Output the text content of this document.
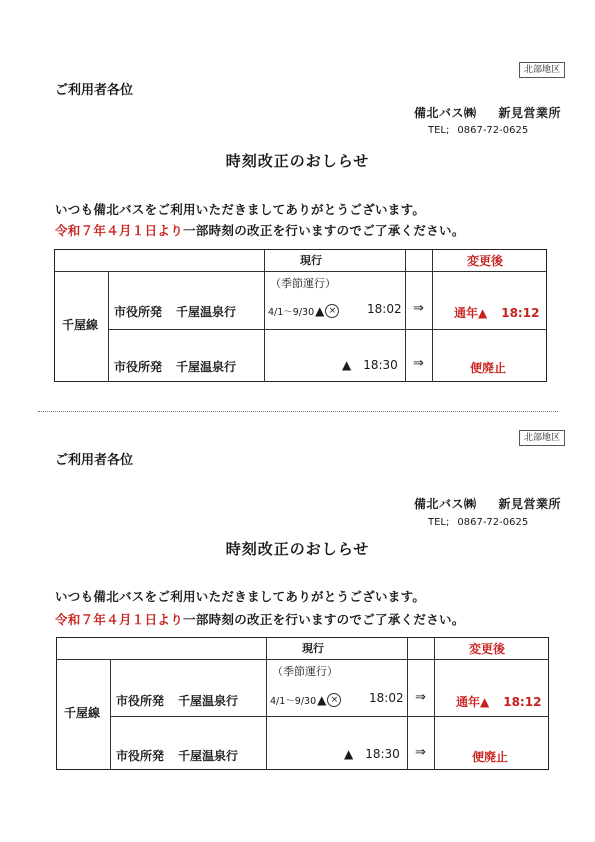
北部地区
ご利用者各位
備北バス㈱ 新見営業所
TEL; 0867-72-0625
時刻改正のおしらせ
いつも備北バスをご利用いただきましてありがとうございます。
令和７年４月１日より一部時刻の改正を行いますのでご了承ください。
現行	変更後
（季節運行）
千屋線
市役所発 千屋温泉行	4/1～9/30 ▲ ×	18:02 ⇒	通年▲ 18:12
市役所発 千屋温泉行	▲ 18:30 ⇒	便廃止
北部地区
ご利用者各位
備北バス㈱ 新見営業所
TEL; 0867-72-0625
時刻改正のおしらせ
いつも備北バスをご利用いただきましてありがとうございます。
令和７年４月１日より一部時刻の改正を行いますのでご了承ください。
現行	変更後
（季節運行）
千屋線
市役所発 千屋温泉行	4/1～9/30 ▲ ×	18:02 ⇒	通年▲ 18:12
市役所発 千屋温泉行	▲ 18:30 ⇒	便廃止
